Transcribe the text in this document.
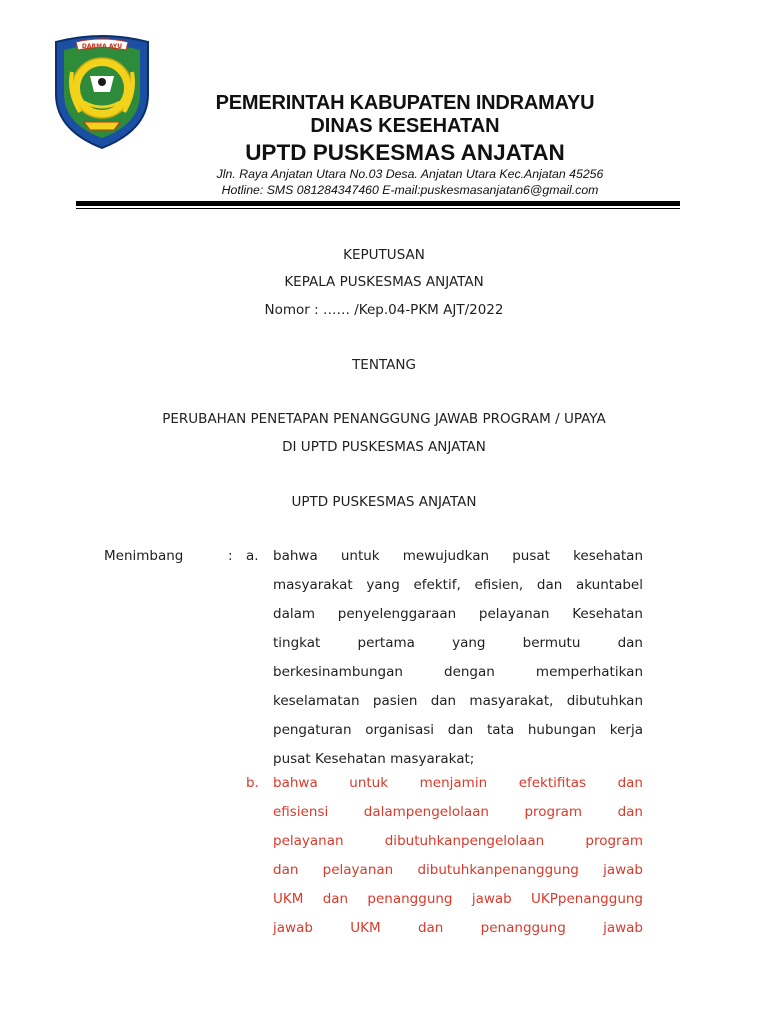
DARMA AYU
PEMERINTAH KABUPATEN INDRAMAYU
DINAS KESEHATAN
UPTD PUSKESMAS ANJATAN
Jln. Raya Anjatan Utara No.03 Desa. Anjatan Utara Kec.Anjatan 45256
Hotline: SMS 081284347460 E-mail:puskesmasanjatan6@gmail.com
KEPUTUSAN
KEPALA PUSKESMAS ANJATAN
Nomor : …… /Kep.04-PKM AJT/2022
TENTANG
PERUBAHAN PENETAPAN PENANGGUNG JAWAB PROGRAM / UPAYA
DI UPTD PUSKESMAS ANJATAN
UPTD PUSKESMAS ANJATAN
Menimbang	: a. bahwa untuk mewujudkan pusat kesehatan
masyarakat yang efektif, efisien, dan akuntabel
dalam penyelenggaraan pelayanan Kesehatan
tingkat pertama yang bermutu dan
berkesinambungan dengan memperhatikan
keselamatan pasien dan masyarakat, dibutuhkan
pengaturan organisasi dan tata hubungan kerja
pusat Kesehatan masyarakat;
b. bahwa untuk menjamin efektifitas dan
efisiensi dalampengelolaan program dan
pelayanan dibutuhkanpengelolaan program
dan pelayanan dibutuhkanpenanggung jawab
UKM dan penanggung jawab UKPpenanggung
jawab UKM dan penanggung jawab
